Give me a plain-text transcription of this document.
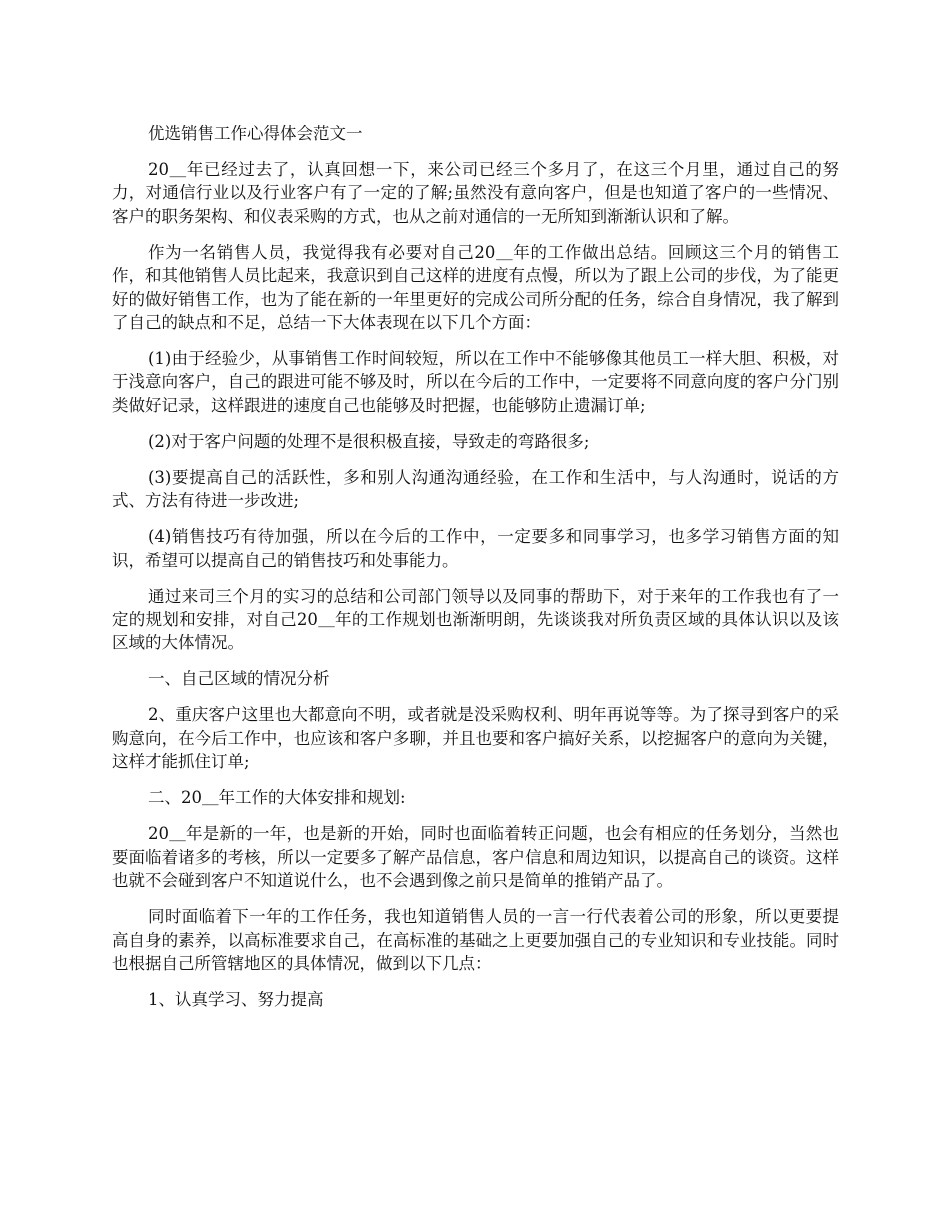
优选销售工作心得体会范文一

20＿年已经过去了，认真回想一下，来公司已经三个多月了，在这三个月里，通过自己的努力，对通信行业以及行业客户有了一定的了解;虽然没有意向客户，但是也知道了客户的一些情况、客户的职务架构、和仪表采购的方式，也从之前对通信的一无所知到渐渐认识和了解。

作为一名销售人员，我觉得我有必要对自己20＿年的工作做出总结。回顾这三个月的销售工作，和其他销售人员比起来，我意识到自己这样的进度有点慢，所以为了跟上公司的步伐，为了能更好的做好销售工作，也为了能在新的一年里更好的完成公司所分配的任务，综合自身情况，我了解到了自己的缺点和不足，总结一下大体表现在以下几个方面：

(1)由于经验少，从事销售工作时间较短，所以在工作中不能够像其他员工一样大胆、积极，对于浅意向客户，自己的跟进可能不够及时，所以在今后的工作中，一定要将不同意向度的客户分门别类做好记录，这样跟进的速度自己也能够及时把握，也能够防止遗漏订单;

(2)对于客户问题的处理不是很积极直接，导致走的弯路很多;

(3)要提高自己的活跃性，多和别人沟通沟通经验，在工作和生活中，与人沟通时，说话的方式、方法有待进一步改进;

(4)销售技巧有待加强，所以在今后的工作中，一定要多和同事学习，也多学习销售方面的知识，希望可以提高自己的销售技巧和处事能力。

通过来司三个月的实习的总结和公司部门领导以及同事的帮助下，对于来年的工作我也有了一定的规划和安排，对自己20＿年的工作规划也渐渐明朗，先谈谈我对所负责区域的具体认识以及该区域的大体情况。

一、自己区域的情况分析

2、重庆客户这里也大都意向不明，或者就是没采购权利、明年再说等等。为了探寻到客户的采购意向，在今后工作中，也应该和客户多聊，并且也要和客户搞好关系，以挖掘客户的意向为关键，这样才能抓住订单;

二、20＿年工作的大体安排和规划:

20＿年是新的一年，也是新的开始，同时也面临着转正问题，也会有相应的任务划分，当然也要面临着诸多的考核，所以一定要多了解产品信息，客户信息和周边知识，以提高自己的谈资。这样也就不会碰到客户不知道说什么，也不会遇到像之前只是简单的推销产品了。

同时面临着下一年的工作任务，我也知道销售人员的一言一行代表着公司的形象，所以更要提高自身的素养，以高标准要求自己，在高标准的基础之上更要加强自己的专业知识和专业技能。同时也根据自己所管辖地区的具体情况，做到以下几点：

1、认真学习、努力提高
